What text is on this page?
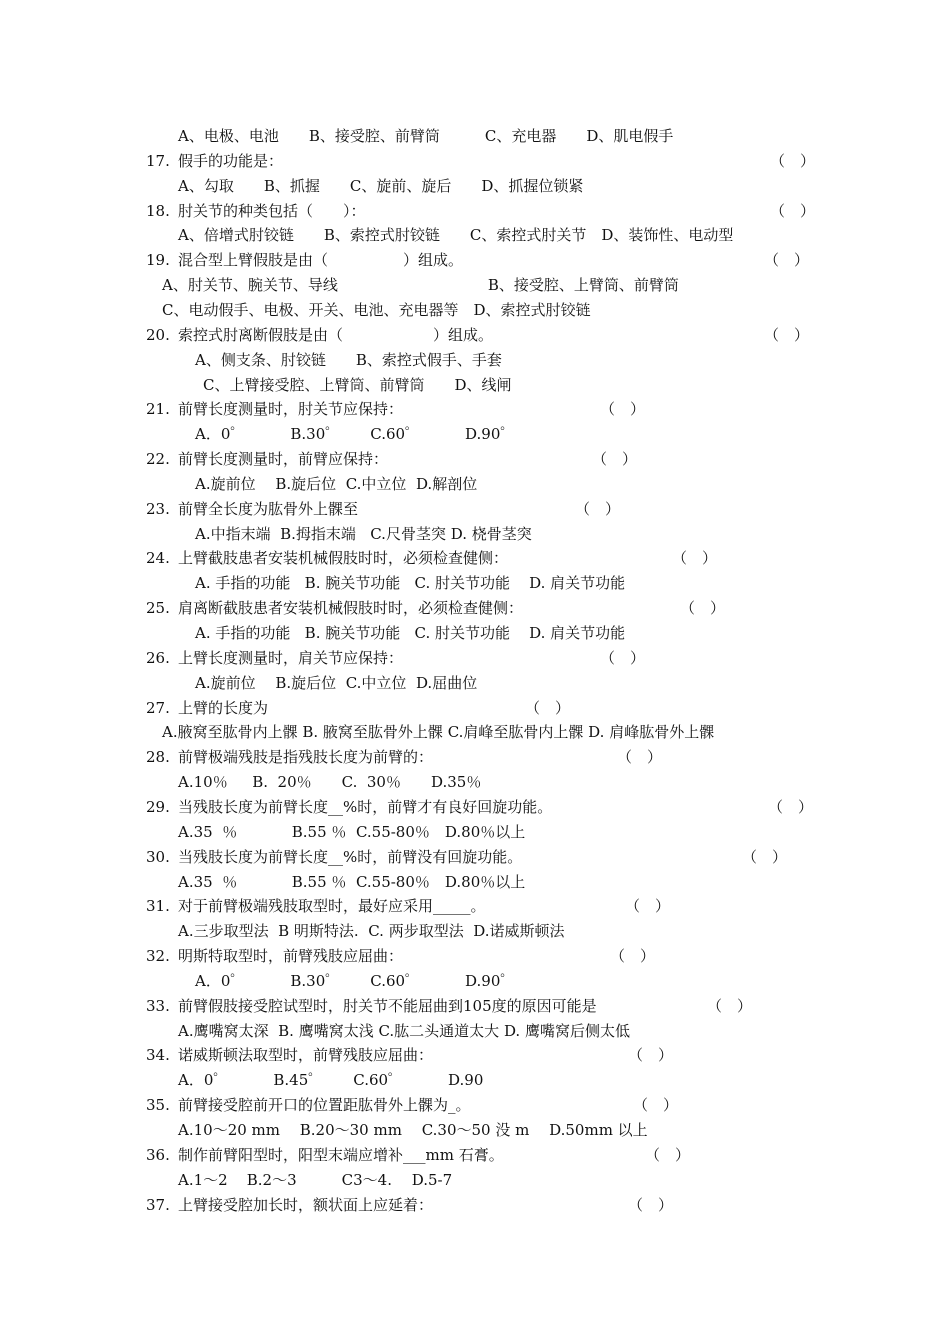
A、电极、电池　　B、接受腔、前臂筒　　　C、充电器　　D、肌电假手
17. 假手的功能是：	（　）
A、勾取　　B、抓握　　C、旋前、旋后　　D、抓握位锁紧
18. 肘关节的种类包括（　　）：	（　）
A、倍增式肘铰链　　B、索控式肘铰链　　C、索控式肘关节　D、装饰性、电动型
19. 混合型上臂假肢是由（　　　　　）组成。	（　）
A、肘关节、腕关节、导线　　　　　　　　　　B、接受腔、上臂筒、前臂筒
C、电动假手、电极、开关、电池、充电器等　D、索控式肘铰链
20. 索控式肘离断假肢是由（　　　　　　）组成。	（　）
A、侧支条、肘铰链　　B、索控式假手、手套
C、上臂接受腔、上臂筒、前臂筒　　D、线闸
21. 前臂长度测量时，肘关节应保持：	（　）
A．0゜　　　B.30゜　　C.60゜　　　D.90゜
22. 前臂长度测量时，前臂应保持：	（　）
A.旋前位　 B.旋后位  C.中立位  D.解剖位
23. 前臂全长度为肱骨外上髁至	（　）
A.中指末端  B.拇指末端   C.尺骨茎突 D. 桡骨茎突
24. 上臂截肢患者安装机械假肢时时，必须检查健侧：	（　）
A. 手指的功能   B. 腕关节功能   C. 肘关节功能    D. 肩关节功能
25. 肩离断截肢患者安装机械假肢时时，必须检查健侧：	（　）
A. 手指的功能   B. 腕关节功能   C. 肘关节功能    D. 肩关节功能
26. 上臂长度测量时，肩关节应保持：	（　）
A.旋前位　 B.旋后位  C.中立位  D.屈曲位
27. 上臂的长度为	（　）
A.腋窝至肱骨内上髁 B. 腋窝至肱骨外上髁 C.肩峰至肱骨内上髁 D. 肩峰肱骨外上髁
28. 前臂极端残肢是指残肢长度为前臂的：	（　）
A.10％　  B.  20％　　C.  30％　　D.35％
29. 当残肢长度为前臂长度__%时，前臂才有良好回旋功能。	（　）
A.35  ％　　　  B.55 ％  C.55-80％　D.80％以上
30. 当残肢长度为前臂长度__%时，前臂没有回旋功能。	（　）
A.35  ％　　　  B.55 ％  C.55-80％　D.80％以上
31. 对于前臂极端残肢取型时，最好应采用_____。	（　）
A.三步取型法  B 明斯特法.  C. 两步取型法  D.诺威斯顿法
32. 明斯特取型时，前臂残肢应屈曲：	（　）
A．0゜　　　B.30゜　　C.60゜　　　D.90゜
33. 前臂假肢接受腔试型时，肘关节不能屈曲到105度的原因可能是	（　）
A.鹰嘴窝太深  B. 鹰嘴窝太浅 C.肱二头通道太大 D. 鹰嘴窝后侧太低
34. 诺威斯顿法取型时，前臂残肢应屈曲：	（　）
A．0゜　　　B.45゜　　C.60゜　　　D.90
35. 前臂接受腔前开口的位置距肱骨外上髁为_。	（　）
A.10～20 mm　 B.20～30 mm　 C.30～50 没 m　 D.50mm 以上
36. 制作前臂阳型时，阳型末端应增补___mm 石膏。	（　）
A.1～2    B.2～3　　　C3～4.　 D.5-7
37. 上臂接受腔加长时，额状面上应延着：	（　）
